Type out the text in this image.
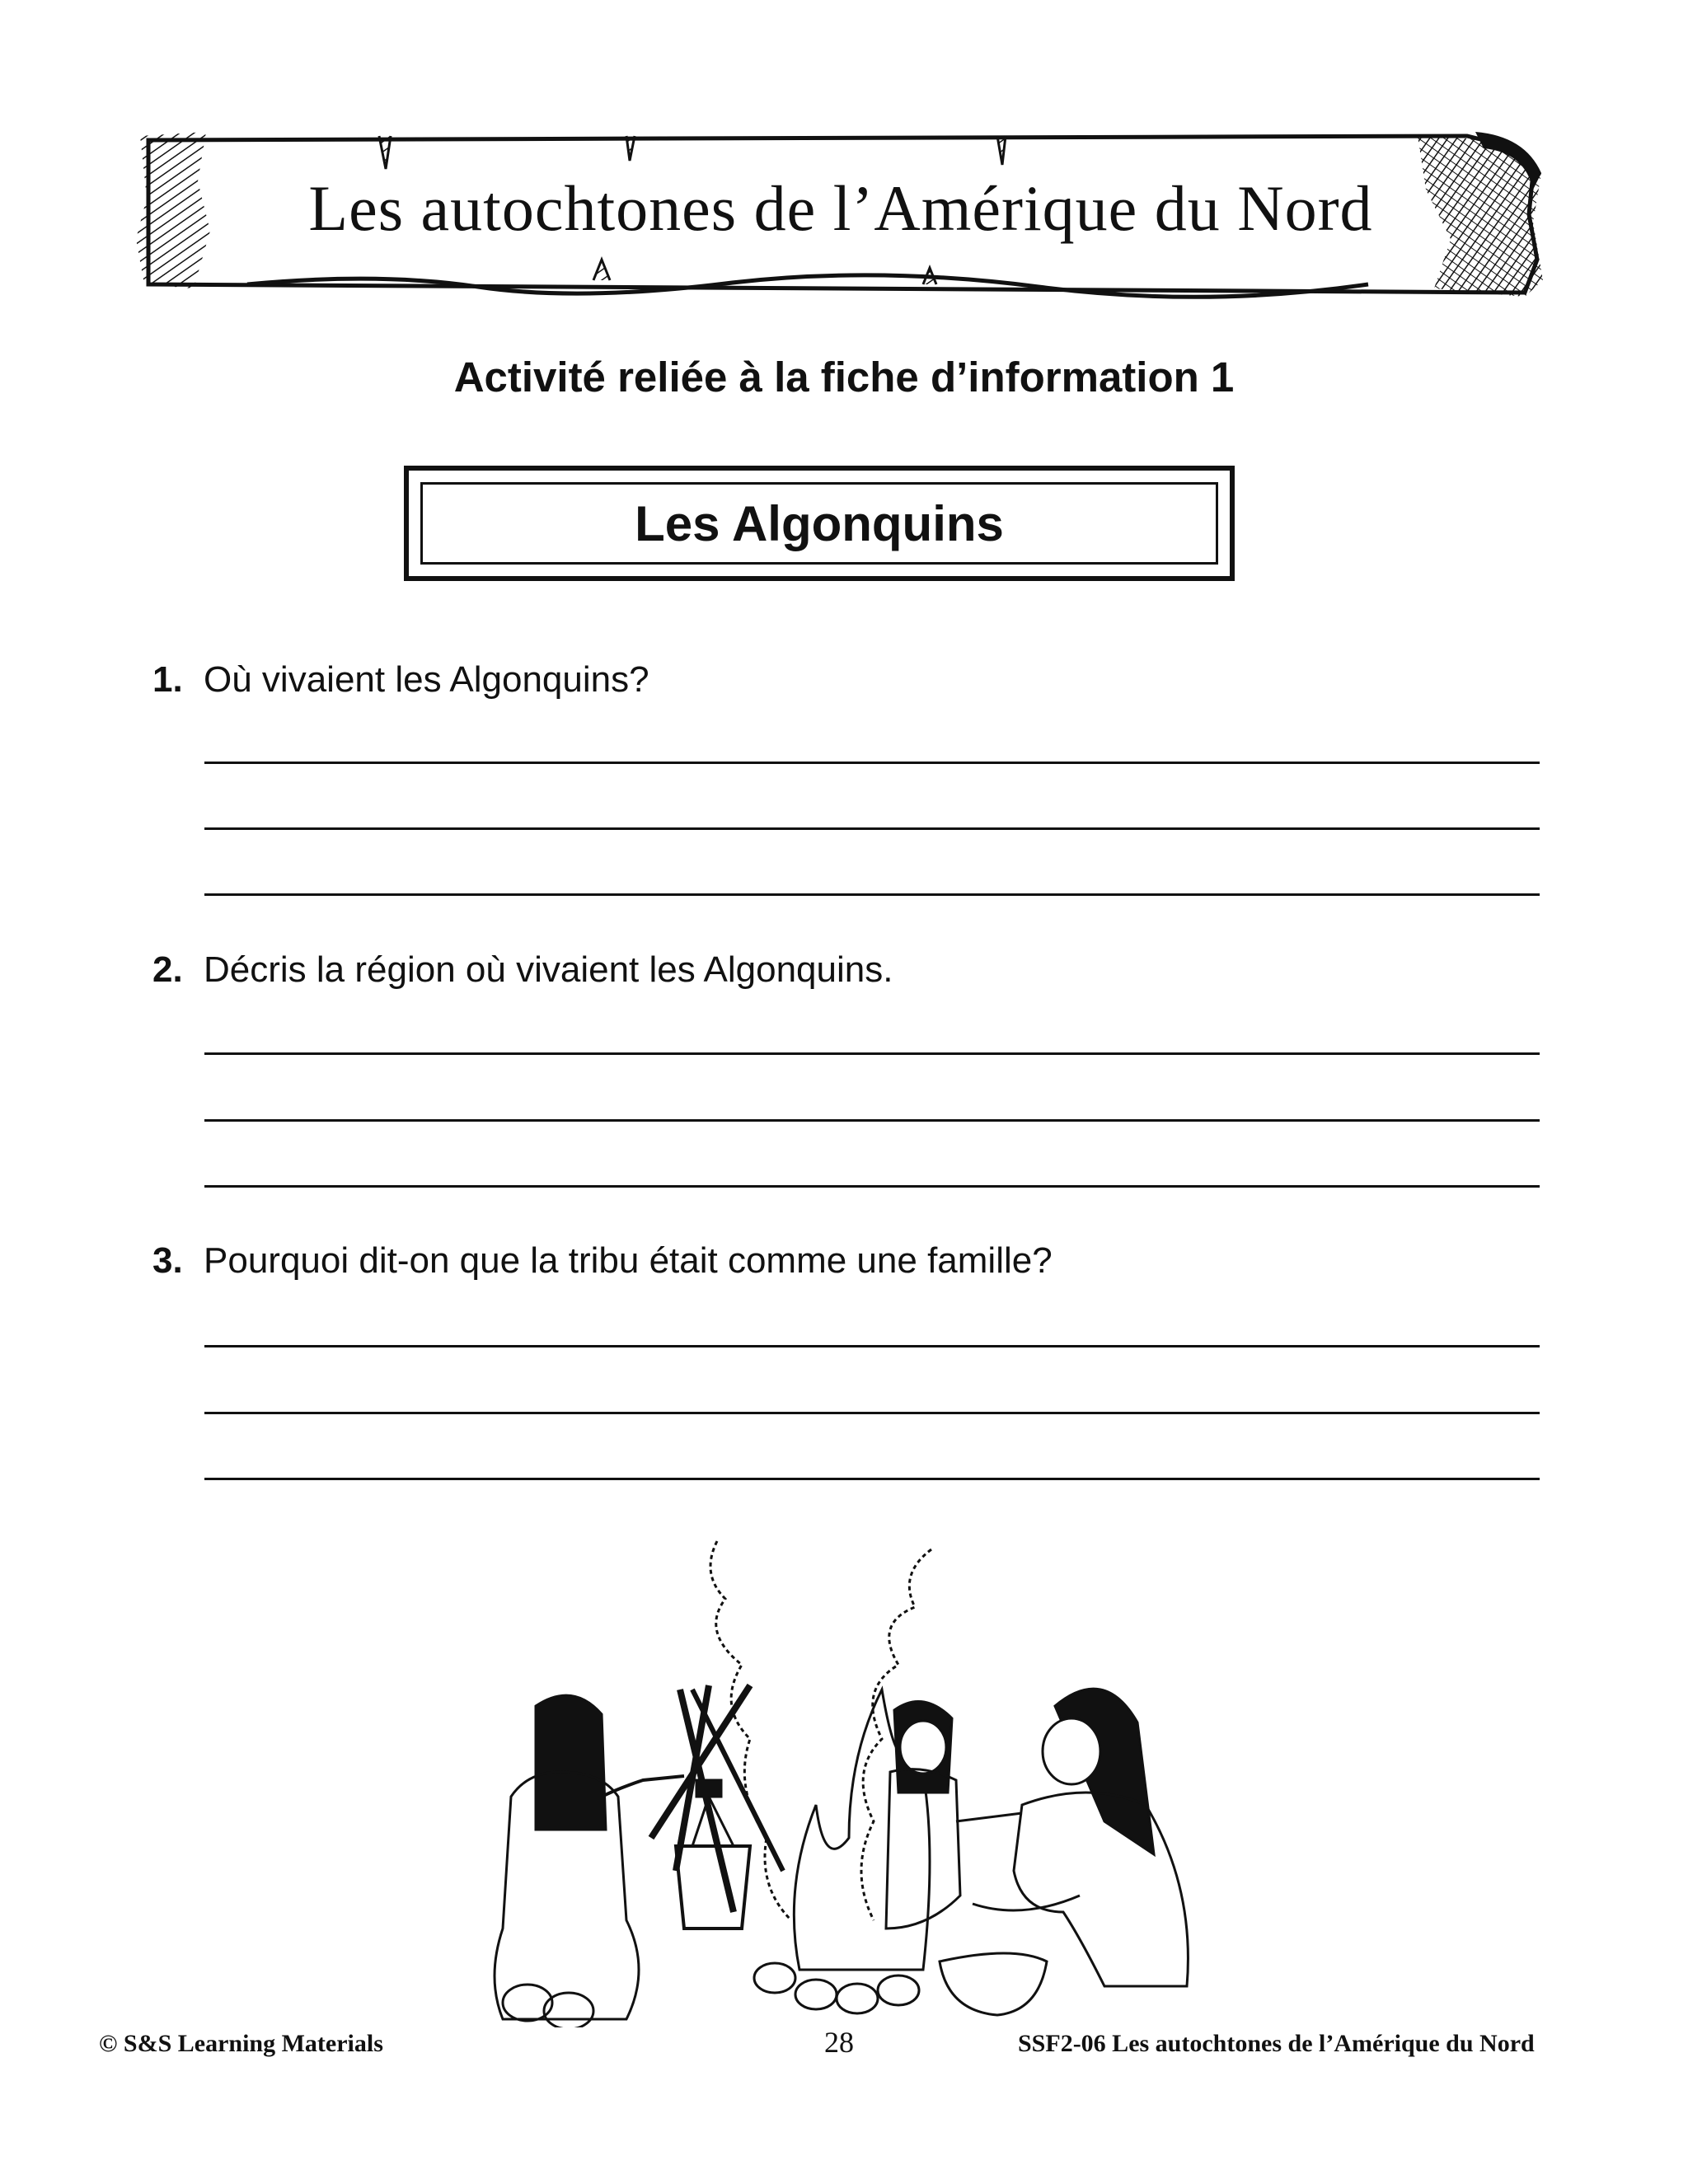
Les autochtones de l’Amérique du Nord
Activité reliée à la fiche d’information 1
Les Algonquins
1. Où vivaient les Algonquins?
2. Décris la région où vivaient les Algonquins.
3. Pourquoi dit-on que la tribu était comme une famille?
© S&S Learning Materials	28	SSF2-06 Les autochtones de l’Amérique du Nord
